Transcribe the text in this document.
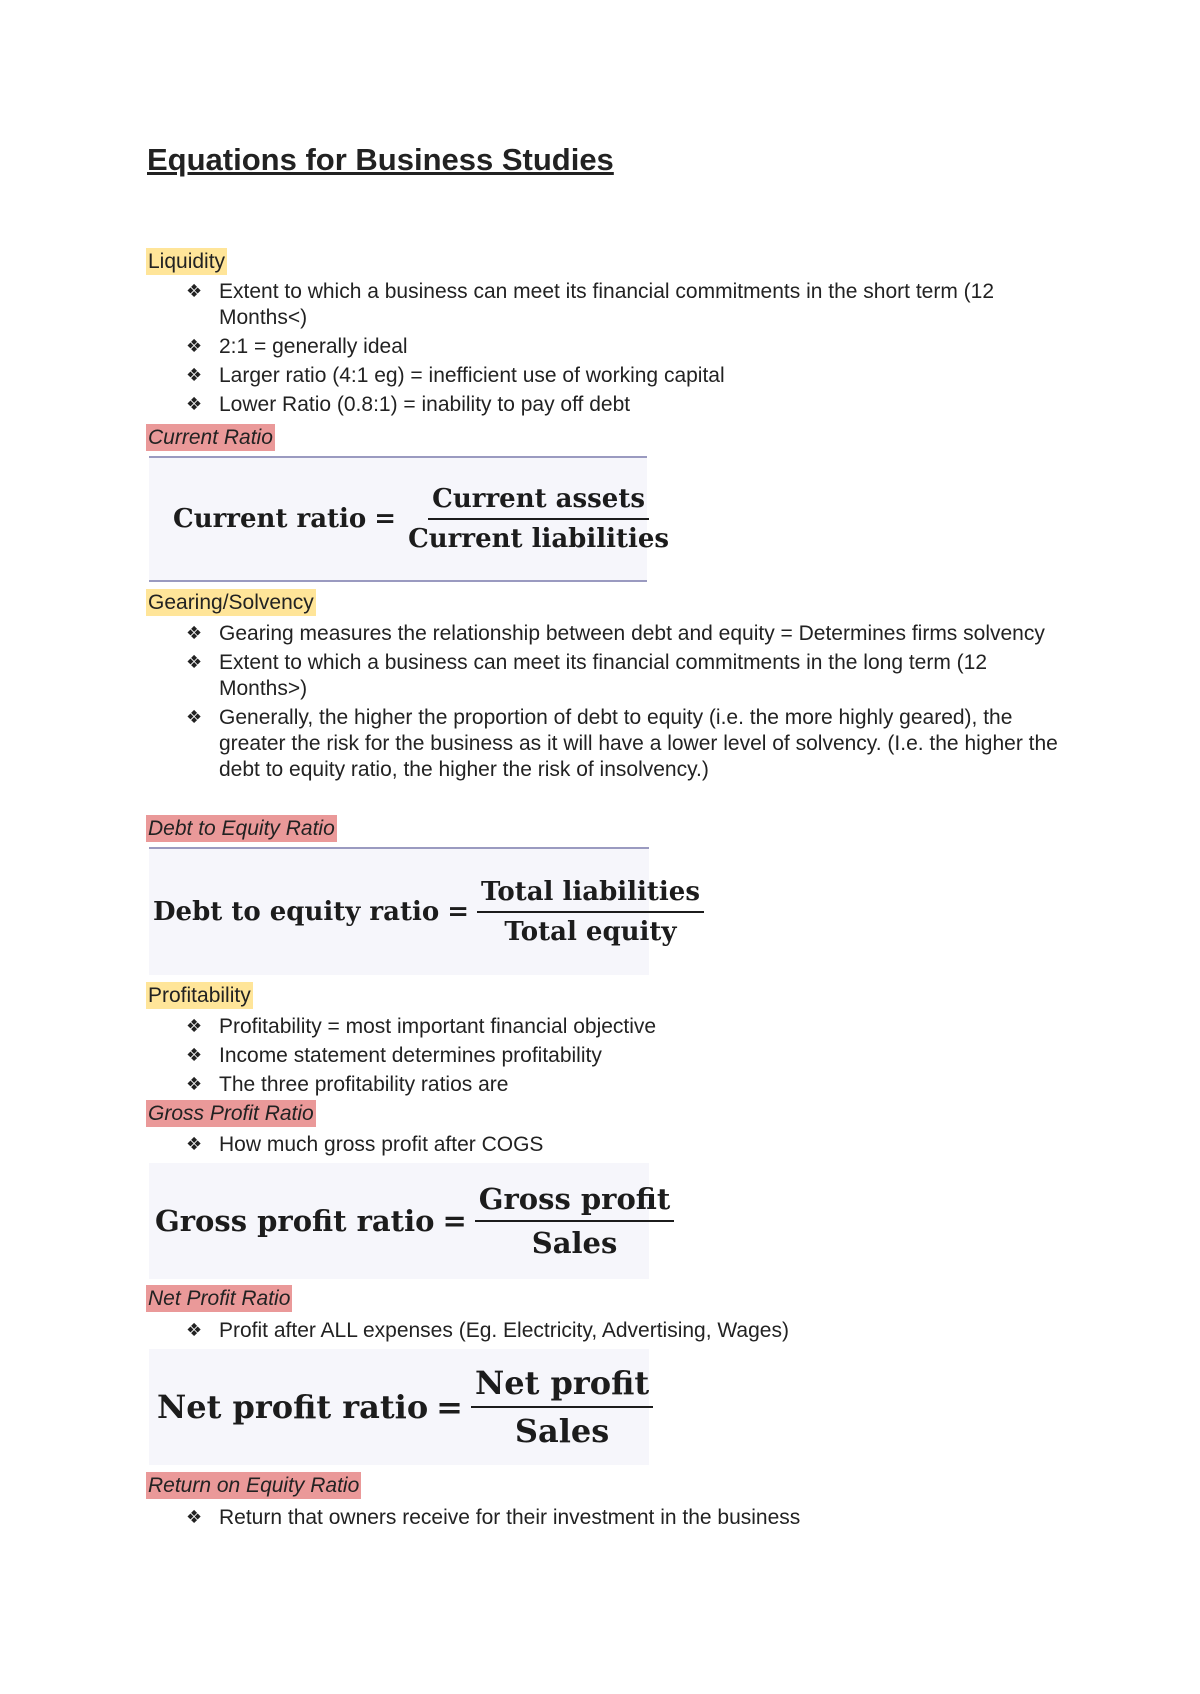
Equations for Business Studies
Liquidity
❖ Extent to which a business can meet its financial commitments in the short term (12 Months<)
❖ 2:1 = generally ideal
❖ Larger ratio (4:1 eg) = inefficient use of working capital
❖ Lower Ratio (0.8:1) = inability to pay off debt
Current Ratio
Current ratio = $\frac{\text{Current assets}}{\text{Current liabilities}}$
Gearing/Solvency
❖ Gearing measures the relationship between debt and equity = Determines firms solvency
❖ Extent to which a business can meet its financial commitments in the long term (12 Months>)
❖ Generally, the higher the proportion of debt to equity (i.e. the more highly geared), the greater the risk for the business as it will have a lower level of solvency. (I.e. the higher the debt to equity ratio, the higher the risk of insolvency.)
Debt to Equity Ratio
Debt to equity ratio = $\frac{\text{Total liabilities}}{\text{Total equity}}$
Profitability
❖ Profitability = most important financial objective
❖ Income statement determines profitability
❖ The three profitability ratios are
Gross Profit Ratio
❖ How much gross profit after COGS
Gross profit ratio = $\frac{\text{Gross profit}}{\text{Sales}}$
Net Profit Ratio
❖ Profit after ALL expenses (Eg. Electricity, Advertising, Wages)
Net profit ratio = $\frac{\text{Net profit}}{\text{Sales}}$
Return on Equity Ratio
❖ Return that owners receive for their investment in the business
